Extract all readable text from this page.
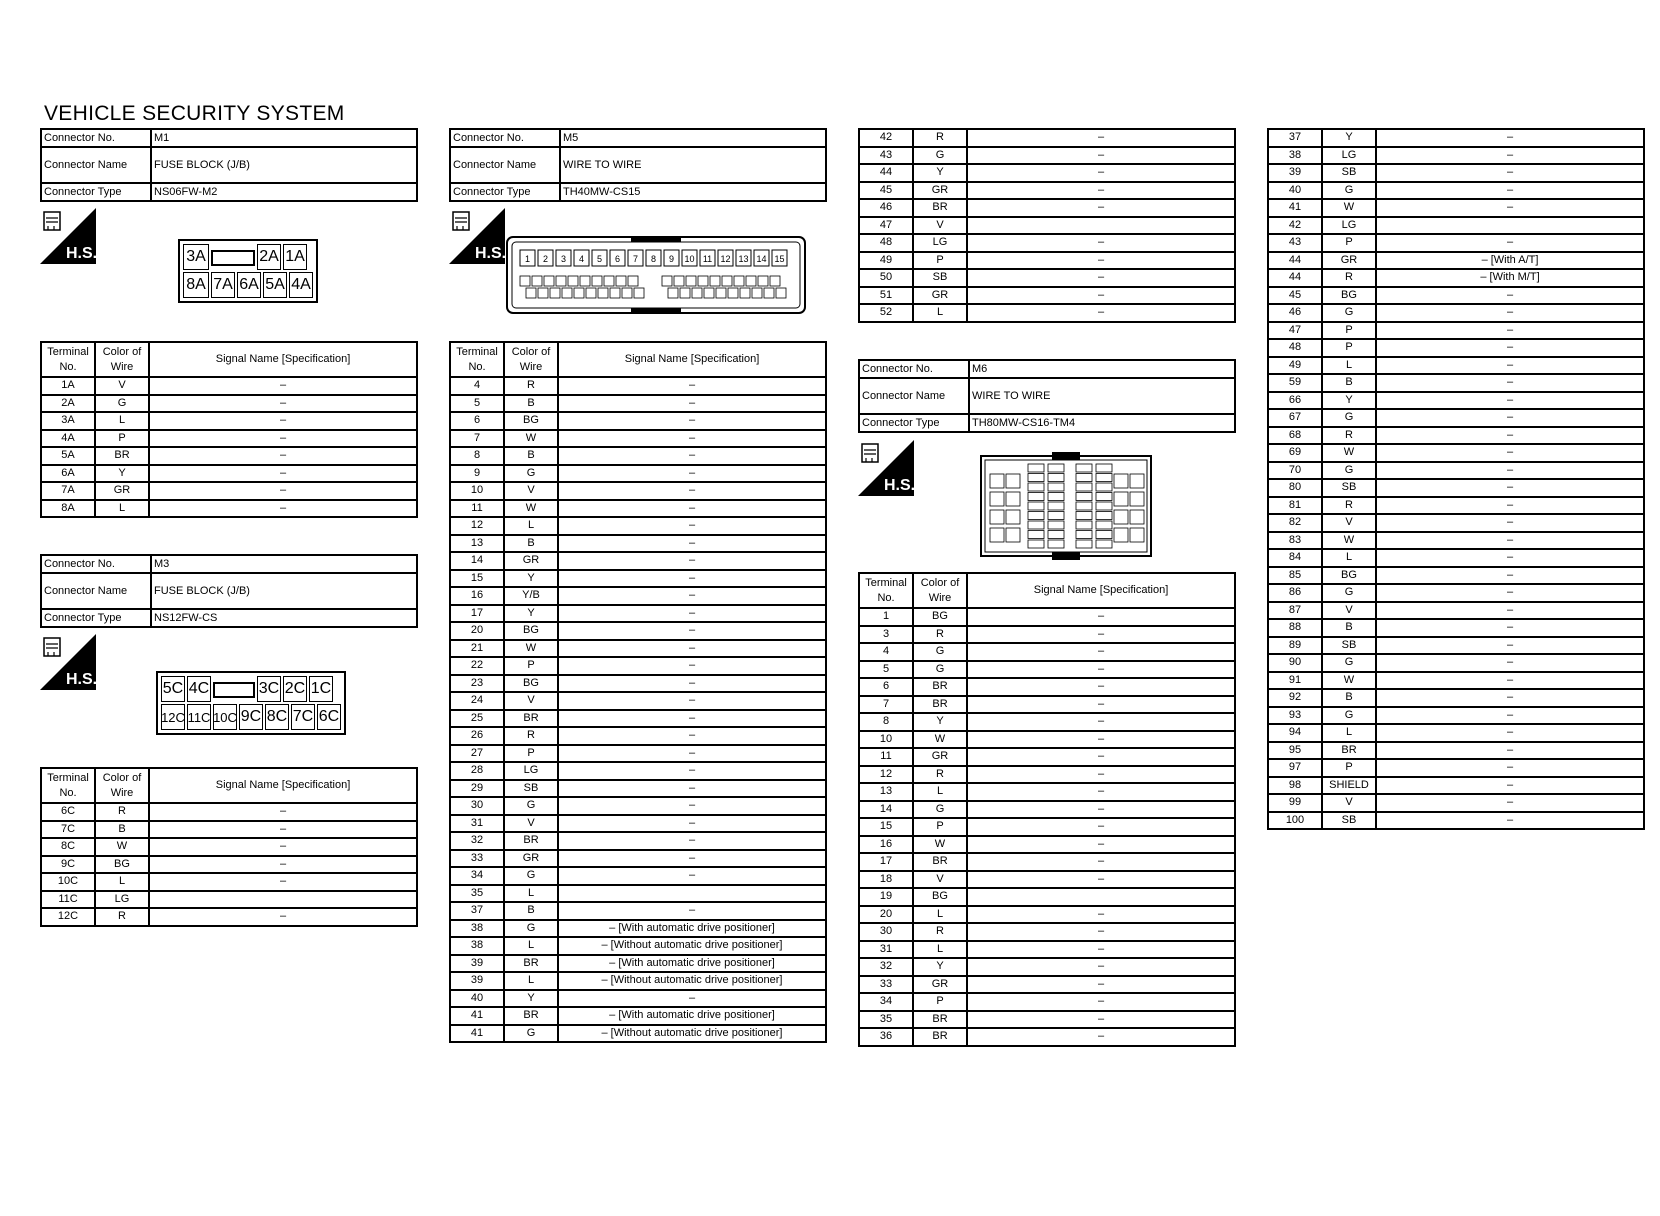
VEHICLE SECURITY SYSTEM
Connector No.	M1
Connector Name	FUSE BLOCK (J/B)
Connector Type	NS06FW-M2
H.S.	3A	2A 1A
8A 7A 6A 5A 4A
Terminal No.	Color of Wire	Signal Name [Specification]
1A	V	–
2A	G	–
3A	L	–
4A	P	–
5A	BR	–
6A	Y	–
7A	GR	–
8A	L	–
Connector No.	M3
Connector Name	FUSE BLOCK (J/B)
Connector Type	NS12FW-CS
H.S.
5C 4C	3C 2C 1C
12C 11C 10C 9C 8C 7C 6C
Terminal No.	Color of Wire	Signal Name [Specification]
6C	R	–
7C	B	–
8C	W	–
9C	BG	–
10C	L	–
11C	LG	
12C	R	–
Connector No.	M5
Connector Name	WIRE TO WIRE
Connector Type	TH40MW-CS15
H.S. 1 2 3 4 5 6 7 8 9 10 11 12 13 14 15
Terminal No.	Color of Wire	Signal Name [Specification]
4	R	–
5	B	–
6	BG	–
7	W	–
8	B	–
9	G	–
10	V	–
11	W	–
12	L	–
13	B	–
14	GR	–
15	Y	–
16	Y/B	–
17	Y	–
20	BG	–
21	W	–
22	P	–
23	BG	–
24	V	–
25	BR	–
26	R	–
27	P	–
28	LG	–
29	SB	–
30	G	–
31	V	–
32	BR	–
33	GR	–
34	G	–
35	L	
37	B	–
38	G	– [With automatic drive positioner]
38	L	– [Without automatic drive positioner]
39	BR	– [With automatic drive positioner]
39	L	– [Without automatic drive positioner]
40	Y	–
41	BR	– [With automatic drive positioner]
41	G	– [Without automatic drive positioner]
42	R	–
43	G	–
44	Y	–
45	GR	–
46	BR	–
47	V	
48	LG	–
49	P	–
50	SB	–
51	GR	–
52	L	–
Connector No.	M6
Connector Name	WIRE TO WIRE
Connector Type	TH80MW-CS16-TM4
H.S.
Terminal No.	Color of Wire	Signal Name [Specification]
1	BG	–
3	R	–
4	G	–
5	G	–
6	BR	–
7	BR	–
8	Y	–
10	W	–
11	GR	–
12	R	–
13	L	–
14	G	–
15	P	–
16	W	–
17	BR	–
18	V	–
19	BG	
20	L	–
30	R	–
31	L	–
32	Y	–
33	GR	–
34	P	–
35	BR	–
36	BR	–
37	Y	–
38	LG	–
39	SB	–
40	G	–
41	W	–
42	LG	
43	P	–
44	GR	– [With A/T]
44	R	– [With M/T]
45	BG	–
46	G	–
47	P	–
48	P	–
49	L	–
59	B	–
66	Y	–
67	G	–
68	R	–
69	W	–
70	G	–
80	SB	–
81	R	–
82	V	–
83	W	–
84	L	–
85	BG	–
86	G	–
87	V	–
88	B	–
89	SB	–
90	G	–
91	W	–
92	B	–
93	G	–
94	L	–
95	BR	–
97	P	–
98	SHIELD	–
99	V	–
100	SB	–
